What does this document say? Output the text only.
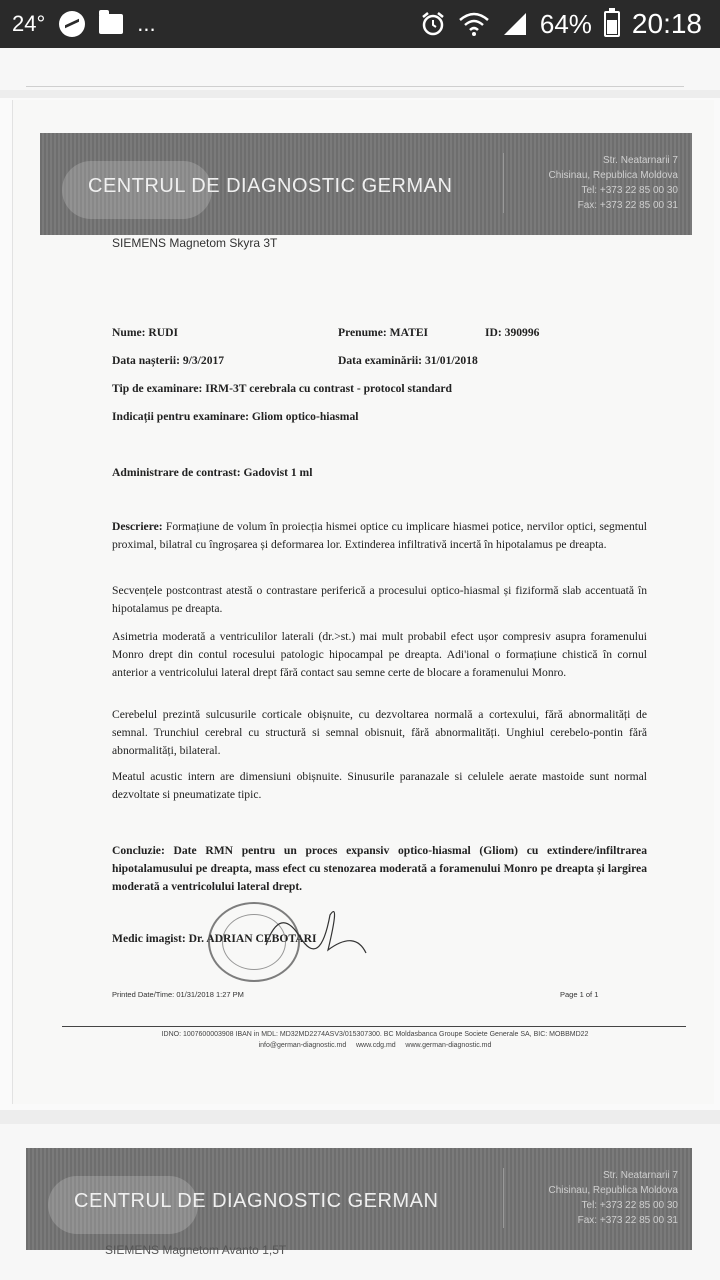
24°	...	64% 20:18
CENTRUL DE DIAGNOSTIC GERMAN
Str. Neatarnarii 7
Chisinau, Republica Moldova
Tel: +373 22 85 00 30
Fax: +373 22 85 00 31
SIEMENS Magnetom Skyra 3T
Nume: RUDI	Prenume: MATEI	ID: 390996
Data nașterii: 9/3/2017	Data examinării: 31/01/2018
Tip de examinare: IRM-3T cerebrala cu contrast - protocol standard
Indicații pentru examinare: Gliom optico-hiasmal
Administrare de contrast: Gadovist 1 ml
Descriere: Formațiune de volum în proiecția hismei optice cu implicare hiasmei potice, nervilor optici, segmentul proximal, bilatral cu îngroșarea și deformarea lor. Extinderea infiltrativă incertă în hipotalamus pe dreapta.
Secvențele postcontrast atestă o contrastare periferică a procesului optico-hiasmal și fiziformă slab accentuată în hipotalamus pe dreapta.
Asimetria moderată a ventriculilor laterali (dr.>st.) mai mult probabil efect ușor compresiv asupra foramenului Monro drept din contul rocesului patologic hipocampal pe dreapta. Adi'ional o formațiune chistică în cornul anterior a ventricolului lateral drept fără contact sau semne certe de blocare a foramenului Monro.
Cerebelul prezintă sulcusurile corticale obișnuite, cu dezvoltarea normală a cortexului, fără abnormalități de semnal. Trunchiul cerebral cu structură si semnal obisnuit, fără abnormalități. Unghiul cerebelo-pontin fără abnormalități, bilateral.
Meatul acustic intern are dimensiuni obișnuite. Sinusurile paranazale si celulele aerate mastoide sunt normal dezvoltate si pneumatizate tipic.
Concluzie: Date RMN pentru un proces expansiv optico-hiasmal (Gliom) cu extindere/infiltrarea hipotalamusului pe dreapta, mass efect cu stenozarea moderată a foramenului Monro pe dreapta și largirea moderată a ventricolului lateral drept.
Medic imagist: Dr. ADRIAN CEBOTARI
Printed Date/Time: 01/31/2018 1:27 PM	Page 1 of 1
IDNO: 1007600003908 IBAN in MDL: MD32MD2274ASV3/015307300. BC Moldasbanca Groupe Societe Generale SA, BIC: MOBBMD22
info@german-diagnostic.md www.cdg.md www.german-diagnostic.md
CENTRUL DE DIAGNOSTIC GERMAN
Str. Neatarnarii 7
Chisinau, Republica Moldova
Tel: +373 22 85 00 30
Fax: +373 22 85 00 31
SIEMENS Magnetom Avanto 1,5T
